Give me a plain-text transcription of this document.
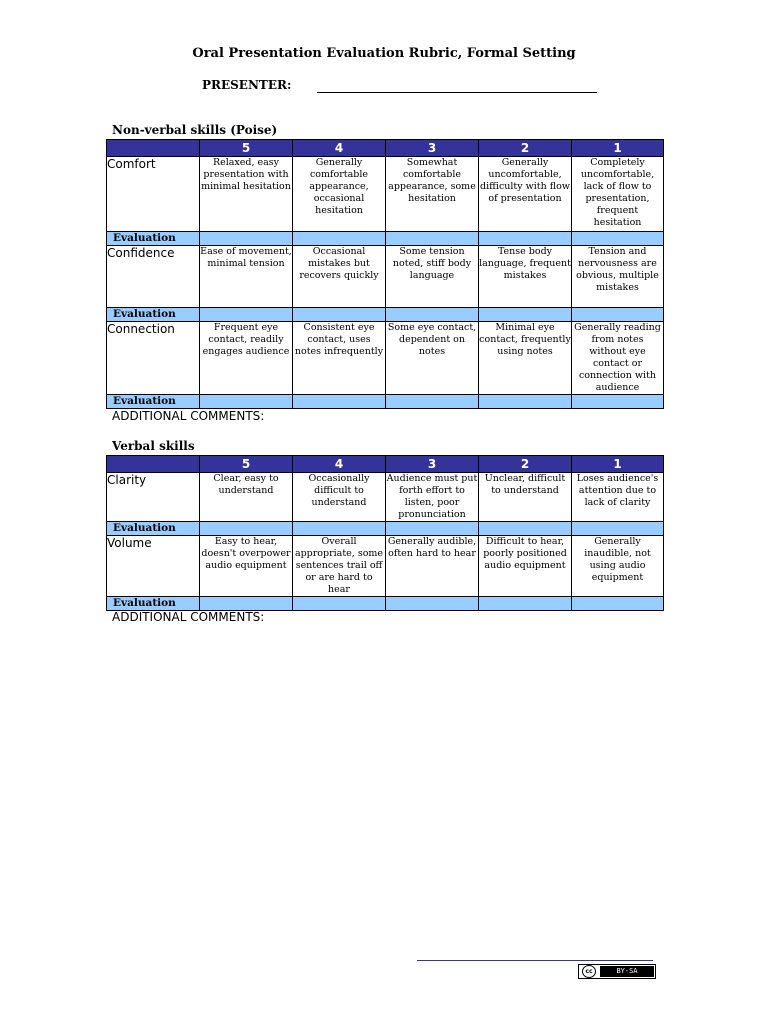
Oral Presentation Evaluation Rubric, Formal Setting
PRESENTER:
Non-verbal skills (Poise)
	5	4	3	2	1
Comfort	Relaxed, easy presentation with minimal hesitation	Generally comfortable appearance, occasional hesitation	Somewhat comfortable appearance, some hesitation	Generally uncomfortable, difficulty with flow of presentation	Completely uncomfortable, lack of flow to presentation, frequent hesitation
Evaluation					
Confidence	Ease of movement, minimal tension	Occasional mistakes but recovers quickly	Some tension noted, stiff body language	Tense body language, frequent mistakes	Tension and nervousness are obvious, multiple mistakes
Evaluation					
Connection	Frequent eye contact, readily engages audience	Consistent eye contact, uses notes infrequently	Some eye contact, dependent on notes	Minimal eye contact, frequently using notes	Generally reading from notes without eye contact or connection with audience
Evaluation					
ADDITIONAL COMMENTS:
Verbal skills
	5	4	3	2	1
Clarity	Clear, easy to understand	Occasionally difficult to understand	Audience must put forth effort to listen, poor pronunciation	Unclear, difficult to understand	Loses audience's attention due to lack of clarity
Evaluation					
Volume	Easy to hear, doesn't overpower audio equipment	Overall appropriate, some sentences trail off or are hard to hear	Generally audible, often hard to hear	Difficult to hear, poorly positioned audio equipment	Generally inaudible, not using audio equipment
Evaluation					
ADDITIONAL COMMENTS:
cc	BY-SA
